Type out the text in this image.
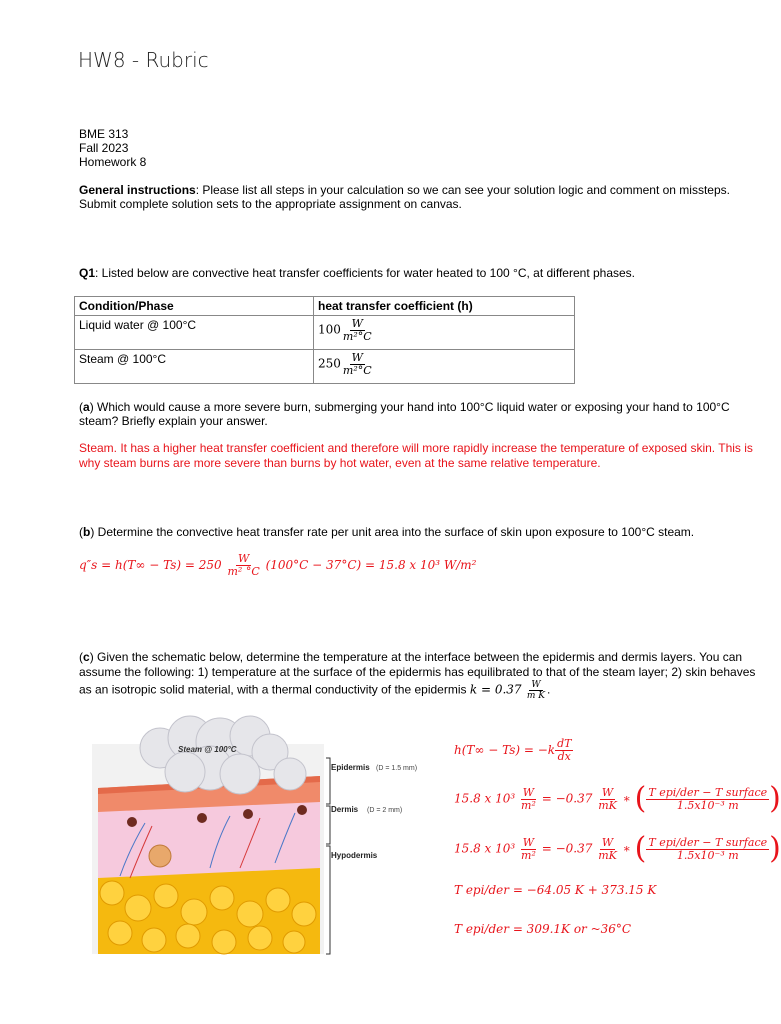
HW8 - Rubric
BME 313
Fall 2023
Homework 8
General instructions: Please list all steps in your calculation so we can see your solution logic and comment on missteps. Submit complete solution sets to the appropriate assignment on canvas.
Q1: Listed below are convective heat transfer coefficients for water heated to 100 °C, at different phases.
Condition/Phase	heat transfer coefficient (h)
Liquid water @ 100°C	$100 \frac{W}{\text{m²°C}}$

Steam @ 100°C	$250 \frac{W}{\text{m²°C}}$
(a) Which would cause a more severe burn, submerging your hand into 100°C liquid water or exposing your hand to 100°C steam? Briefly explain your answer.
Steam. It has a higher heat transfer coefficient and therefore will more rapidly increase the temperature of exposed skin. This is why steam burns are more severe than burns by hot water, even at the same relative temperature.
(b) Determine the convective heat transfer rate per unit area into the surface of skin upon exposure to 100°C steam.
$q''s = h(T\infty - Ts) = 250 \frac{W}{\text{m² °C}} (100^\circ C - 37^\circ C) = 15.8$ x 10³ W/m²
(c) Given the schematic below, determine the temperature at the interface between the epidermis and dermis layers. You can assume the following: 1) temperature at the surface of the epidermis has equilibrated to that of the steam layer; 2) skin behaves as an isotropic solid material, with a thermal conductivity of the epidermis $k = 0.37 \frac{W}{\text{m K}}$ .
Steam @ 100°C
Epidermis (D = 1.5 mm)
Dermis (D = 2 mm)
Hypodermis
$h(T\infty - Ts) = -k \frac{dT}{dx}$
15.8 x $10^3 \frac{W}{\text{m²}} = -0.37 \frac{W}{mK}$ ∗ ( $\frac{\text{T epi/der − T surface}}{\text{1.5x10⁻³ m}}$ )
15.8 x $10^3 \frac{W}{\text{m²}} = -0.37 \frac{W}{mK}$ ∗ ( $\frac{\text{T epi/der − T surface}}{\text{1.5x10⁻³ m}}$ )
T epi/der = −64.05 K + 373.15 K
T epi/der = 309.1K or ~36°C
